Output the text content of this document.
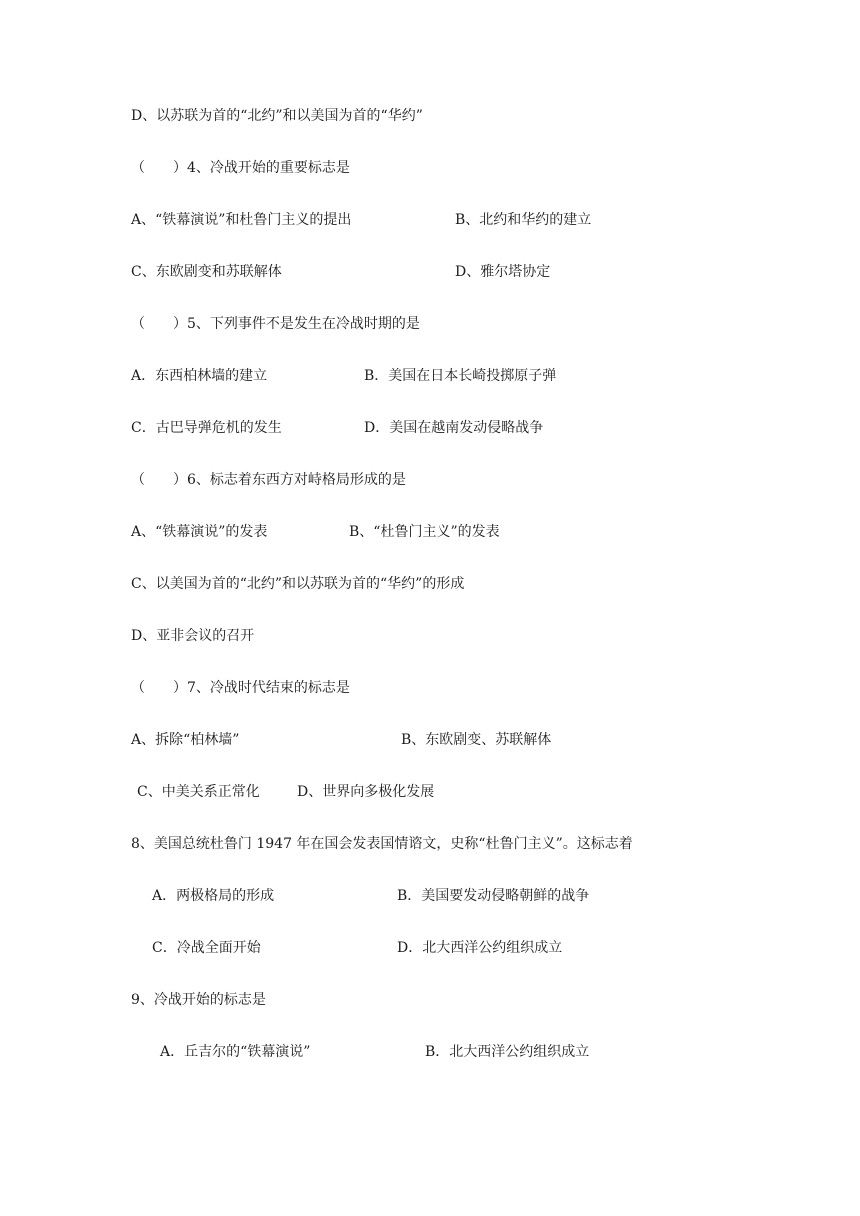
D、以苏联为首的“北约”和以美国为首的“华约”
（　　）4、冷战开始的重要标志是
A、“铁幕演说”和杜鲁门主义的提出	B、北约和华约的建立
C、东欧剧变和苏联解体	D、雅尔塔协定
（　　）5、下列事件不是发生在冷战时期的是
A．东西柏林墙的建立	B．美国在日本长崎投掷原子弹
C．古巴导弹危机的发生	D．美国在越南发动侵略战争
（　　）6、标志着东西方对峙格局形成的是
A、“铁幕演说”的发表	B、“杜鲁门主义”的发表
C、以美国为首的“北约”和以苏联为首的“华约”的形成
D、亚非会议的召开
（　　）7、冷战时代结束的标志是
A、拆除“柏林墙”	B、东欧剧变、苏联解体
C、中美关系正常化	D、世界向多极化发展
8、美国总统杜鲁门 1947 年在国会发表国情谘文，史称“杜鲁门主义”。这标志着
A．两极格局的形成	B．美国要发动侵略朝鲜的战争
C．冷战全面开始	D．北大西洋公约组织成立
9、冷战开始的标志是
A．丘吉尔的“铁幕演说”	B．北大西洋公约组织成立
